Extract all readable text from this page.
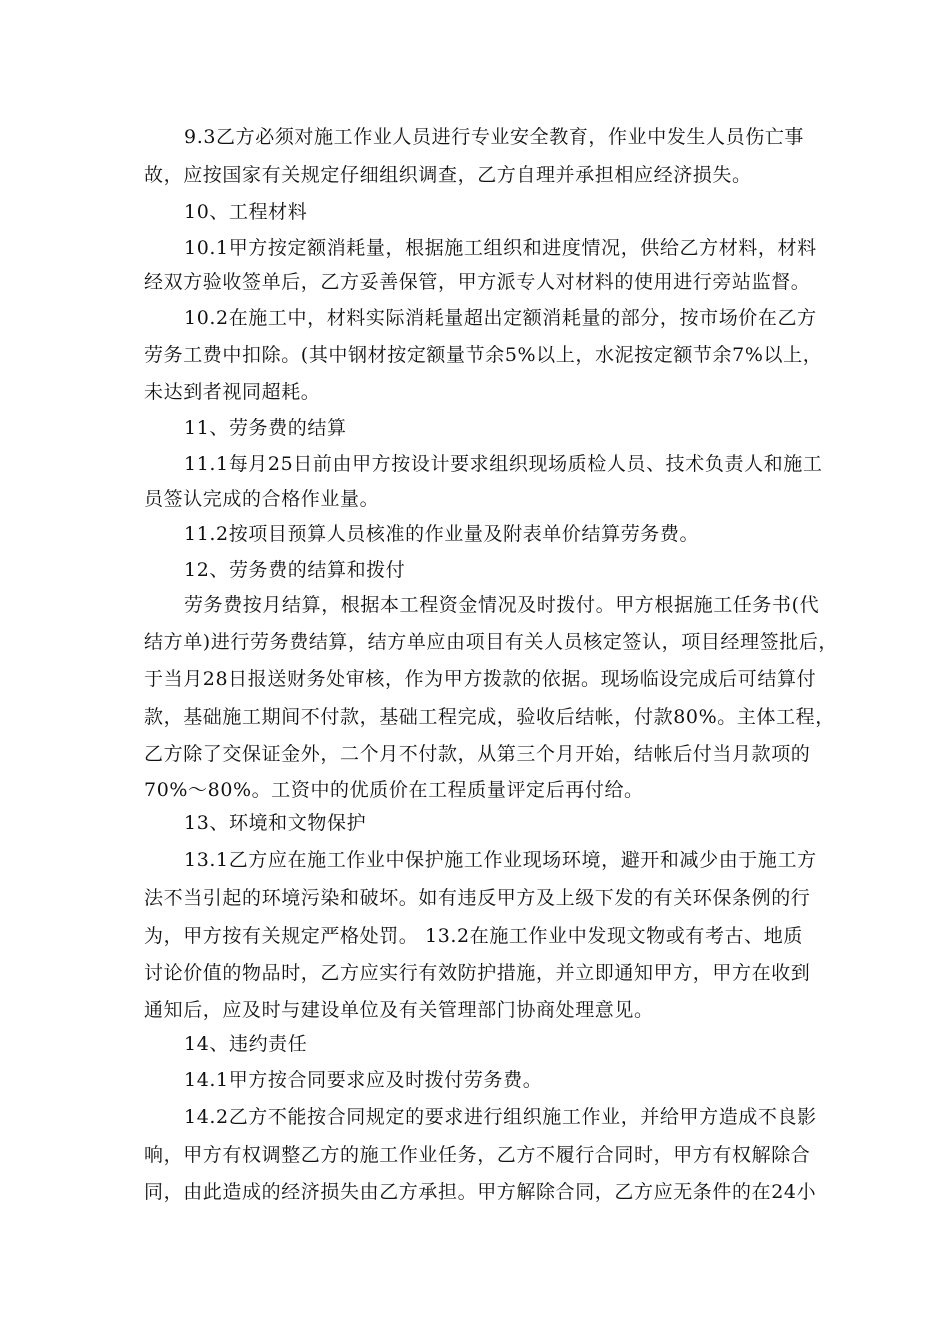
9.3乙方必须对施工作业人员进行专业安全教育，作业中发生人员伤亡事
故，应按国家有关规定仔细组织调查，乙方自理并承担相应经济损失。
10、工程材料
10.1甲方按定额消耗量，根据施工组织和进度情况，供给乙方材料，材料
经双方验收签单后，乙方妥善保管，甲方派专人对材料的使用进行旁站监督。
10.2在施工中，材料实际消耗量超出定额消耗量的部分，按市场价在乙方
劳务工费中扣除。(其中钢材按定额量节余5%以上，水泥按定额节余7%以上，
未达到者视同超耗。
11、劳务费的结算
11.1每月25日前由甲方按设计要求组织现场质检人员、技术负责人和施工
员签认完成的合格作业量。
11.2按项目预算人员核准的作业量及附表单价结算劳务费。
12、劳务费的结算和拨付
劳务费按月结算，根据本工程资金情况及时拨付。甲方根据施工任务书(代
结方单)进行劳务费结算，结方单应由项目有关人员核定签认，项目经理签批后，
于当月28日报送财务处审核，作为甲方拨款的依据。现场临设完成后可结算付
款，基础施工期间不付款，基础工程完成，验收后结帐，付款80%。主体工程，
乙方除了交保证金外，二个月不付款，从第三个月开始，结帐后付当月款项的
70%～80%。工资中的优质价在工程质量评定后再付给。
13、环境和文物保护
13.1乙方应在施工作业中保护施工作业现场环境，避开和减少由于施工方
法不当引起的环境污染和破坏。如有违反甲方及上级下发的有关环保条例的行
为，甲方按有关规定严格处罚。 13.2在施工作业中发现文物或有考古、地质
讨论价值的物品时，乙方应实行有效防护措施，并立即通知甲方，甲方在收到
通知后，应及时与建设单位及有关管理部门协商处理意见。
14、违约责任
14.1甲方按合同要求应及时拨付劳务费。
14.2乙方不能按合同规定的要求进行组织施工作业，并给甲方造成不良影
响，甲方有权调整乙方的施工作业任务，乙方不履行合同时，甲方有权解除合
同，由此造成的经济损失由乙方承担。甲方解除合同，乙方应无条件的在24小
